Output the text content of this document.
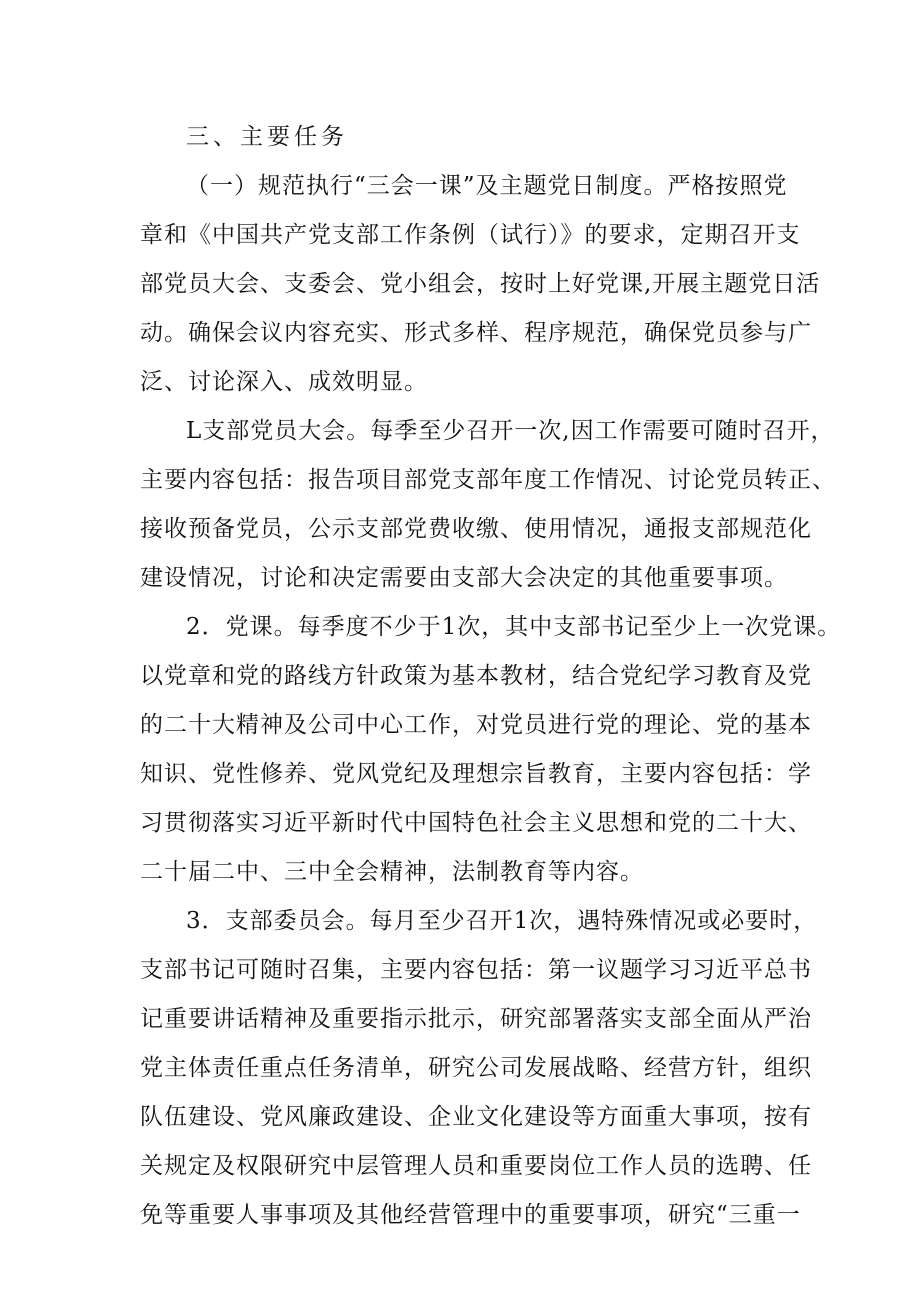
三、主要任务

（一）规范执行“三会一课”及主题党日制度。严格按照党

章和《中国共产党支部工作条例（试行）》的要求，定期召开支

部党员大会、支委会、党小组会，按时上好党课,开展主题党日活

动。确保会议内容充实、形式多样、程序规范，确保党员参与广

泛、讨论深入、成效明显。

L支部党员大会。每季至少召开一次,因工作需要可随时召开，

主要内容包括：报告项目部党支部年度工作情况、讨论党员转正、

接收预备党员，公示支部党费收缴、使用情况，通报支部规范化

建设情况，讨论和决定需要由支部大会决定的其他重要事项。

2．党课。每季度不少于1次，其中支部书记至少上一次党课。

以党章和党的路线方针政策为基本教材，结合党纪学习教育及党

的二十大精神及公司中心工作，对党员进行党的理论、党的基本

知识、党性修养、党风党纪及理想宗旨教育，主要内容包括：学

习贯彻落实习近平新时代中国特色社会主义思想和党的二十大、

二十届二中、三中全会精神，法制教育等内容。

3．支部委员会。每月至少召开1次，遇特殊情况或必要时，

支部书记可随时召集，主要内容包括：第一议题学习习近平总书

记重要讲话精神及重要指示批示，研究部署落实支部全面从严治

党主体责任重点任务清单，研究公司发展战略、经营方针，组织

队伍建设、党风廉政建设、企业文化建设等方面重大事项，按有

关规定及权限研究中层管理人员和重要岗位工作人员的选聘、任

免等重要人事事项及其他经营管理中的重要事项，研究“三重一
